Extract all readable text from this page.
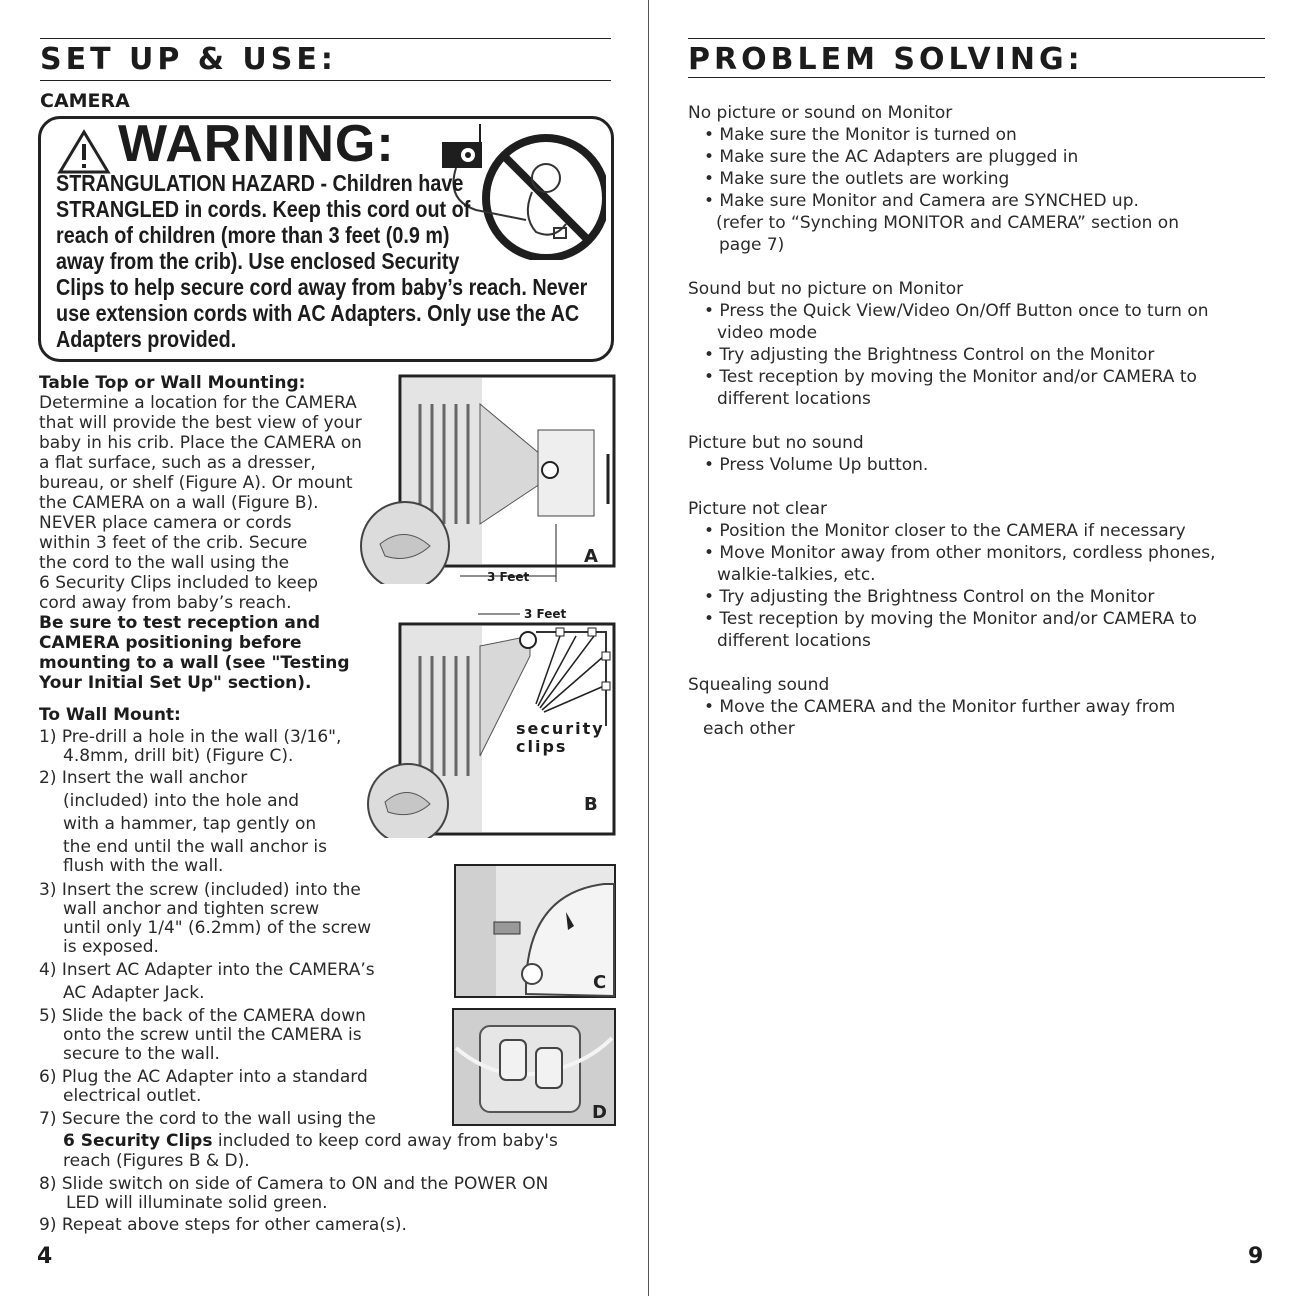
SET UP & USE:
CAMERA
WARNING:
STRANGULATION HAZARD - Children have
STRANGLED in cords. Keep this cord out of
reach of children (more than 3 feet (0.9 m)
away from the crib). Use enclosed Security
Clips to help secure cord away from baby’s reach. Never
use extension cords with AC Adapters. Only use the AC
Adapters provided.
Table Top or Wall Mounting:
Determine a location for the CAMERA
that will provide the best view of your
baby in his crib. Place the CAMERA on
a flat surface, such as a dresser,
bureau, or shelf (Figure A). Or mount
the CAMERA on a wall (Figure B).
NEVER place camera or cords
within 3 feet of the crib. Secure
the cord to the wall using the
6 Security Clips included to keep
cord away from baby’s reach.
Be sure to test reception and
CAMERA positioning before
mounting to a wall (see "Testing
Your Initial Set Up" section).
To Wall Mount:
1) Pre-drill a hole in the wall (3/16",
4.8mm, drill bit) (Figure C).
2) Insert the wall anchor
(included) into the hole and
with a hammer, tap gently on
the end until the wall anchor is
flush with the wall.
3) Insert the screw (included) into the
wall anchor and tighten screw
until only 1/4" (6.2mm) of the screw
is exposed.
4) Insert AC Adapter into the CAMERA’s
AC Adapter Jack.
5) Slide the back of the CAMERA down
onto the screw until the CAMERA is
secure to the wall.
6) Plug the AC Adapter into a standard
electrical outlet.
7) Secure the cord to the wall using the
6 Security Clips included to keep cord away from baby's
reach (Figures B & D).
8) Slide switch on side of Camera to ON and the POWER ON
LED will illuminate solid green.
9) Repeat above steps for other camera(s).
A
3 Feet
3 Feet
security
clips
B
C
D
4
PROBLEM SOLVING:
No picture or sound on Monitor
• Make sure the Monitor is turned on
• Make sure the AC Adapters are plugged in
• Make sure the outlets are working
• Make sure Monitor and Camera are SYNCHED up.
(refer to “Synching MONITOR and CAMERA” section on
page 7)
Sound but no picture on Monitor
• Press the Quick View/Video On/Off Button once to turn on
video mode
• Try adjusting the Brightness Control on the Monitor
• Test reception by moving the Monitor and/or CAMERA to
different locations
Picture but no sound
• Press Volume Up button.
Picture not clear
• Position the Monitor closer to the CAMERA if necessary
• Move Monitor away from other monitors, cordless phones,
walkie-talkies, etc.
• Try adjusting the Brightness Control on the Monitor
• Test reception by moving the Monitor and/or CAMERA to
different locations
Squealing sound
• Move the CAMERA and the Monitor further away from
each other
9
